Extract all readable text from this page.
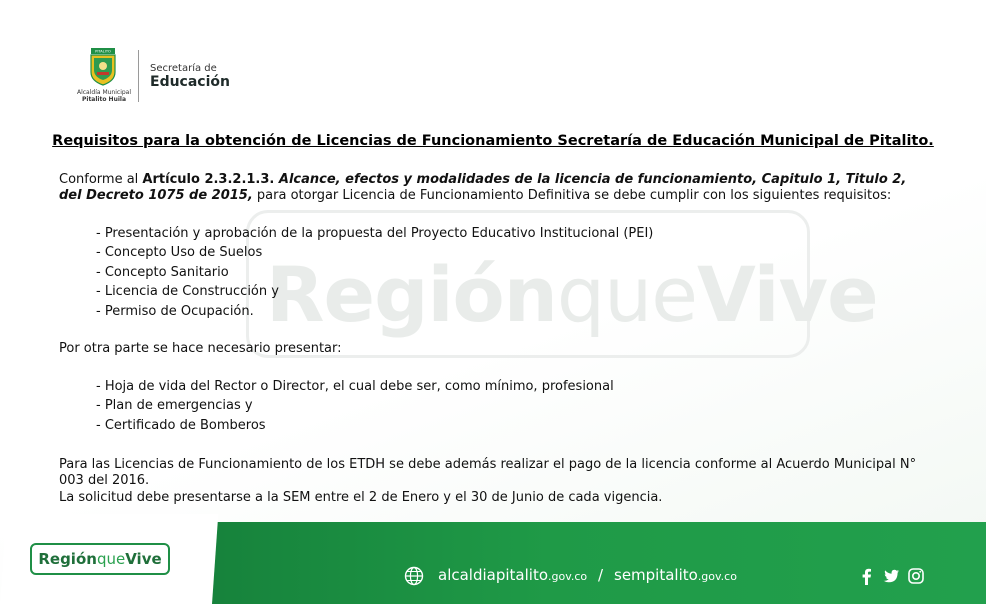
RegiónqueVive
PITALITO
Alcaldía Municipal
Pitalito Huila
Secretaría de
Educación
Requisitos para la obtención de Licencias de Funcionamiento Secretaría de Educación Municipal de Pitalito.
Conforme al Artículo 2.3.2.1.3. Alcance, efectos y modalidades de la licencia de funcionamiento, Capitulo 1, Titulo 2, del Decreto 1075 de 2015, para otorgar Licencia de Funcionamiento Definitiva se debe cumplir con los siguientes requisitos:
- Presentación y aprobación de la propuesta del Proyecto Educativo Institucional (PEI)
- Concepto Uso de Suelos
- Concepto Sanitario
- Licencia de Construcción y
- Permiso de Ocupación.
Por otra parte se hace necesario presentar:
- Hoja de vida del Rector o Director, el cual debe ser, como mínimo, profesional
- Plan de emergencias y
- Certificado de Bomberos
Para las Licencias de Funcionamiento de los ETDH se debe además realizar el pago de la licencia conforme al Acuerdo Municipal N° 003 del 2016.
La solicitud debe presentarse a la SEM entre el 2 de Enero y el 30 de Junio de cada vigencia.
RegiónqueVive
alcaldiapitalito.gov.co / sempitalito.gov.co
